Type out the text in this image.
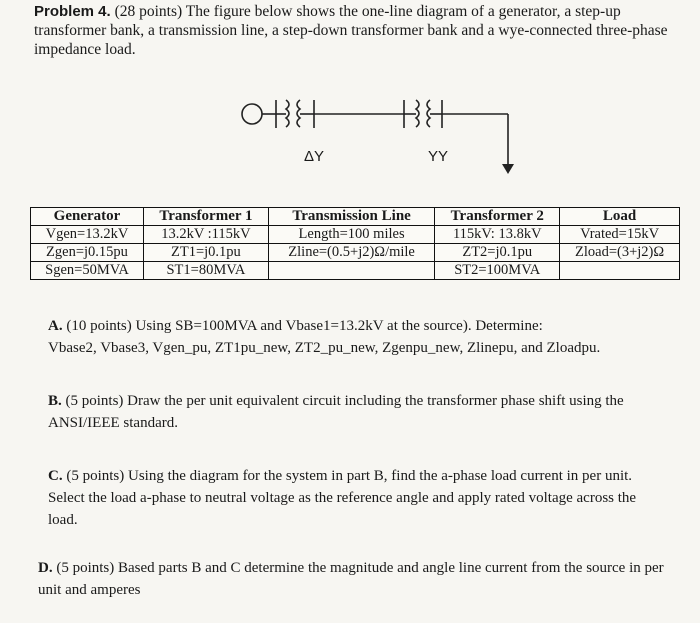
Problem 4. (28 points) The figure below shows the one-line diagram of a generator, a step-up transformer bank, a transmission line, a step-down transformer bank and a wye-connected three-phase impedance load.
ΔY	YY
Generator	Transformer 1	Transmission Line	Transformer 2	Load
Vgen=13.2kV	13.2kV :115kV	Length=100 miles	115kV: 13.8kV	Vrated=15kV
Zgen=j0.15pu	ZT1=j0.1pu	Zline=(0.5+j2)Ω/mile	ZT2=j0.1pu	Zload=(3+j2)Ω
Sgen=50MVA	ST1=80MVA		ST2=100MVA	
A. (10 points) Using SB=100MVA and Vbase1=13.2kV at the source). Determine:
Vbase2, Vbase3, Vgen_pu, ZT1pu_new, ZT2_pu_new, Zgenpu_new, Zlinepu, and Zloadpu.
B. (5 points) Draw the per unit equivalent circuit including the transformer phase shift using the ANSI/IEEE standard.
C. (5 points) Using the diagram for the system in part B, find the a-phase load current in per unit. Select the load a-phase to neutral voltage as the reference angle and apply rated voltage across the load.
D. (5 points) Based parts B and C determine the magnitude and angle line current from the source in per unit and amperes
